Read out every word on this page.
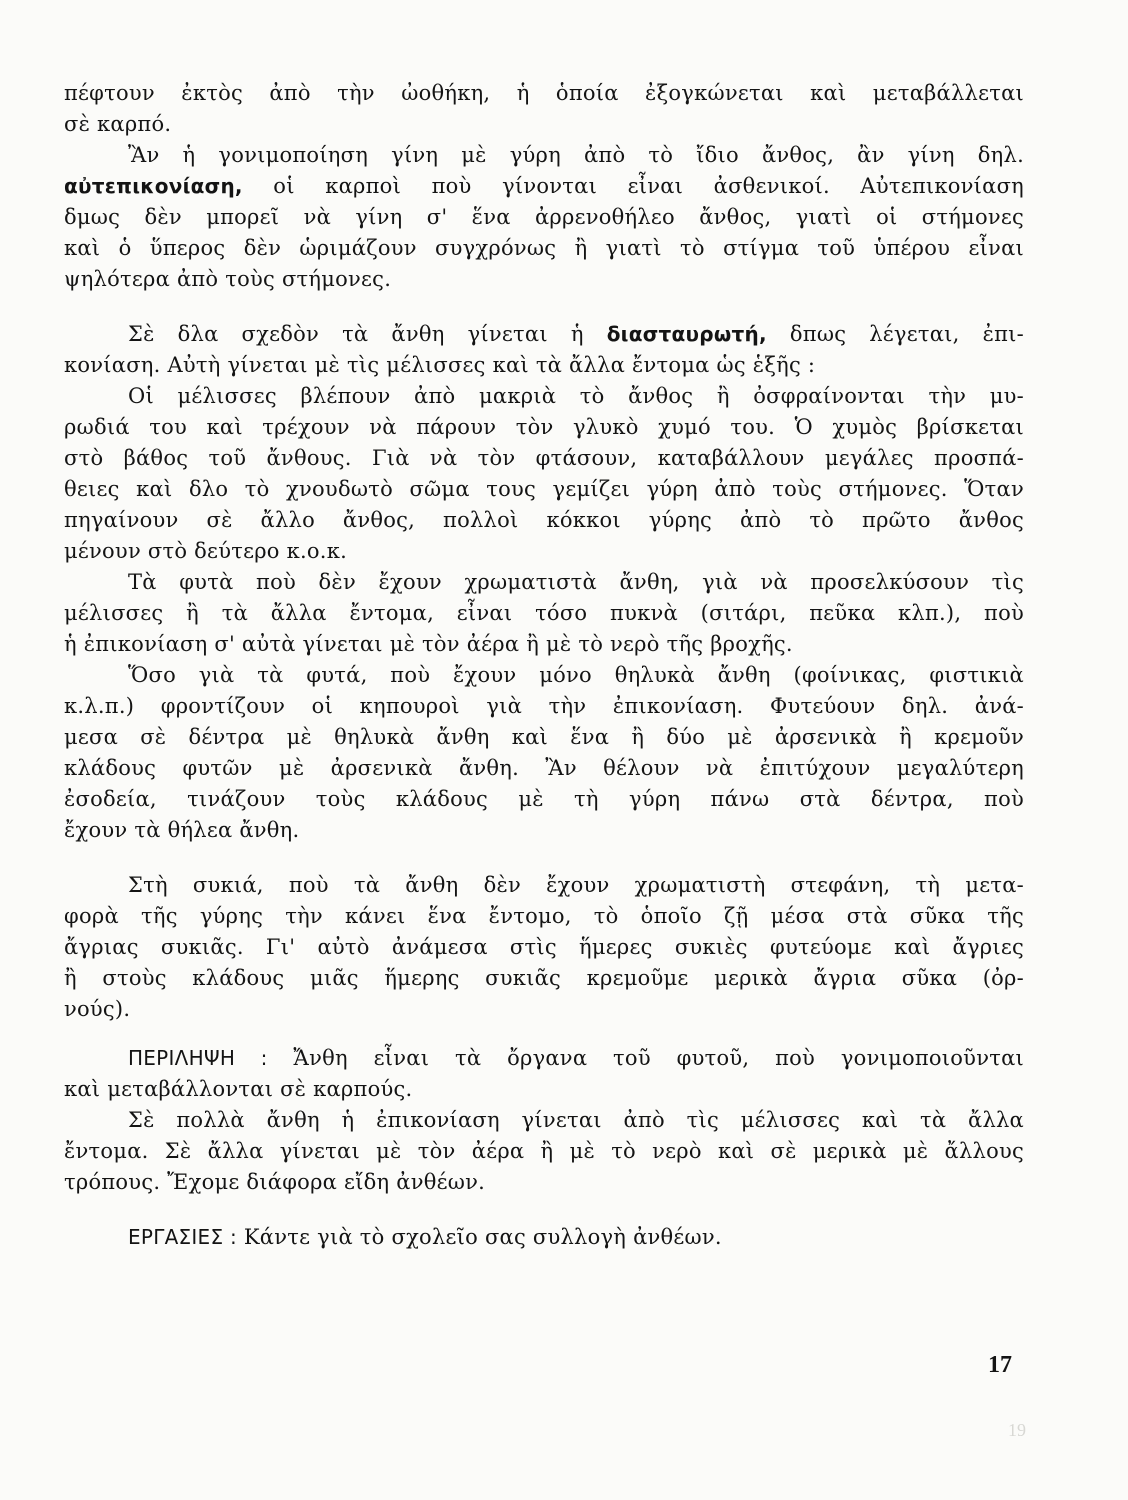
πέφτουν ἐκτὸς ἀπὸ τὴν ὠοθήκη, ἡ ὁποία ἐξογκώνεται καὶ μεταβάλλεται
σὲ καρπό.
Ἂν ἡ γονιμοποίηση γίνη μὲ γύρη ἀπὸ τὸ ἴδιο ἄνθος, ἂν γίνη δηλ.
αὐτεπικονίαση, οἱ καρποὶ ποὺ γίνονται εἶναι ἀσθενικοί. Αὐτεπικονίαση
δμως δὲν μπορεῖ νὰ γίνη σ' ἕνα ἀρρενοθήλεο ἄνθος, γιατὶ οἱ στήμονες
καὶ ὁ ὕπερος δὲν ὡριμάζουν συγχρόνως ἢ γιατὶ τὸ στίγμα τοῦ ὑπέρου εἶναι
ψηλότερα ἀπὸ τοὺς στήμονες.
Σὲ δλα σχεδὸν τὰ ἄνθη γίνεται ἡ διασταυρωτή, δπως λέγεται, ἐπι-
κονίαση. Αὐτὴ γίνεται μὲ τὶς μέλισσες καὶ τὰ ἄλλα ἔντομα ὡς ἑξῆς :
Οἱ μέλισσες βλέπουν ἀπὸ μακριὰ τὸ ἄνθος ἢ ὀσφραίνονται τὴν μυ-
ρωδιά του καὶ τρέχουν νὰ πάρουν τὸν γλυκὸ χυμό του. Ὁ χυμὸς βρίσκεται
στὸ βάθος τοῦ ἄνθους. Γιὰ νὰ τὸν φτάσουν, καταβάλλουν μεγάλες προσπά-
θειες καὶ δλο τὸ χνουδωτὸ σῶμα τους γεμίζει γύρη ἀπὸ τοὺς στήμονες. Ὅταν
πηγαίνουν σὲ ἄλλο ἄνθος, πολλοὶ κόκκοι γύρης ἀπὸ τὸ πρῶτο ἄνθος
μένουν στὸ δεύτερο κ.ο.κ.
Τὰ φυτὰ ποὺ δὲν ἔχουν χρωματιστὰ ἄνθη, γιὰ νὰ προσελκύσουν τὶς
μέλισσες ἢ τὰ ἄλλα ἔντομα, εἶναι τόσο πυκνὰ (σιτάρι, πεῦκα κλπ.), ποὺ
ἡ ἐπικονίαση σ' αὐτὰ γίνεται μὲ τὸν ἀέρα ἢ μὲ τὸ νερὸ τῆς βροχῆς.
Ὅσο γιὰ τὰ φυτά, ποὺ ἔχουν μόνο θηλυκὰ ἄνθη (φοίνικας, φιστικιὰ
κ.λ.π.) φροντίζουν οἱ κηπουροὶ γιὰ τὴν ἐπικονίαση. Φυτεύουν δηλ. ἀνά-
μεσα σὲ δέντρα μὲ θηλυκὰ ἄνθη καὶ ἕνα ἢ δύο μὲ ἀρσενικὰ ἢ κρεμοῦν
κλάδους φυτῶν μὲ ἀρσενικὰ ἄνθη. Ἂν θέλουν νὰ ἐπιτύχουν μεγαλύτερη
ἐσοδεία, τινάζουν τοὺς κλάδους μὲ τὴ γύρη πάνω στὰ δέντρα, ποὺ
ἔχουν τὰ θήλεα ἄνθη.
Στὴ συκιά, ποὺ τὰ ἄνθη δὲν ἔχουν χρωματιστὴ στεφάνη, τὴ μετα-
φορὰ τῆς γύρης τὴν κάνει ἕνα ἔντομο, τὸ ὁποῖο ζῇ μέσα στὰ σῦκα τῆς
ἄγριας συκιᾶς. Γι' αὐτὸ ἀνάμεσα στὶς ἥμερες συκιὲς φυτεύομε καὶ ἄγριες
ἢ στοὺς κλάδους μιᾶς ἥμερης συκιᾶς κρεμοῦμε μερικὰ ἄγρια σῦκα (ὀρ-
νούς).
ΠΕΡΙΛΗΨΗ : Ἄνθη εἶναι τὰ ὄργανα τοῦ φυτοῦ, ποὺ γονιμοποιοῦνται
καὶ μεταβάλλονται σὲ καρπούς.
Σὲ πολλὰ ἄνθη ἡ ἐπικονίαση γίνεται ἀπὸ τὶς μέλισσες καὶ τὰ ἄλλα
ἔντομα. Σὲ ἄλλα γίνεται μὲ τὸν ἀέρα ἢ μὲ τὸ νερὸ καὶ σὲ μερικὰ μὲ ἄλλους
τρόπους. Ἔχομε διάφορα εἴδη ἀνθέων.
ΕΡΓΑΣΙΕΣ : Κάντε γιὰ τὸ σχολεῖο σας συλλογὴ ἀνθέων.
17
19
